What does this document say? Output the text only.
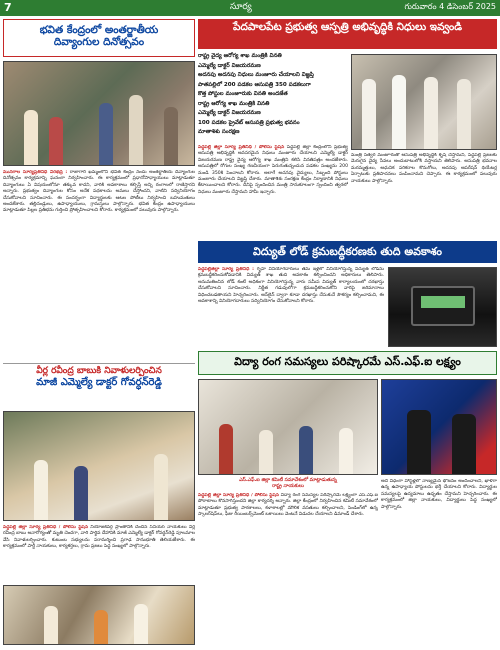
7	సూర్య	గురువారం 4 డిసెంబర్ 2025
భవిత కేంద్రంలో అంతర్జాతీయ
దివ్యాంగుల దినోత్సవం
మునగాల సూర్యప్రతినిధి వీరభద్ర : రాజాగారి ఖమ్మంలోని భవిత కేంద్రం నందు అంతర్జాతీయ దివ్యాంగుల దినోత్సవం కార్యక్రమాన్ని ఘనంగా నిర్వహించారు. ఈ కార్యక్రమంలో ప్రధానోపాధ్యాయులు మాట్లాడుతూ దివ్యాంగులు ఏ విషయంలోనూ తక్కువ కాదని, వారికి అవకాశాలు కల్పిస్తే అన్ని రంగాలలో రాణిస్తారని అన్నారు. ప్రభుత్వం దివ్యాంగుల కోసం అనేక పథకాలను అమలు చేస్తోందని, వాటిని సద్వినియోగం చేసుకోవాలని సూచించారు. ఈ సందర్భంగా విద్యార్థులకు ఆటల పోటీలు నిర్వహించి బహుమతులు అందజేశారు. తల్లిదండ్రులు, ఉపాధ్యాయులు, గ్రామస్తులు పాల్గొన్నారు. భవిత కేంద్రం ఉపాధ్యాయులు మాట్లాడుతూ పిల్లల ప్రతిభను గుర్తించి ప్రోత్సహించాలని కోరారు. కార్యక్రమంలో పలువురు పాల్గొన్నారు.
వీర్ల రవీంద్ర బాబుకి నివాళులర్పించిన
మాజీ ఎమ్మెల్యే డాక్టర్ గోవర్ధన్‌రెడ్డి
పెద్దపల్లి జిల్లా సూర్య ప్రతినిధి / పోలీసు స్టేషన్ నియోజకవర్గ ప్రాంతానికి చెందిన సీనియర్ నాయకులు వీర్ల రవీంద్ర బాబు అనారోగ్యంతో మృతి చెందగా, వారి పార్థివ దేహానికి మాజీ ఎమ్మెల్యే డాక్టర్ గోవర్ధన్‌రెడ్డి పూలమాల వేసి నివాళులర్పించారు. కుటుంబ సభ్యులను పరామర్శించి ప్రగాఢ సానుభూతి తెలియజేశారు. ఈ కార్యక్రమంలో పార్టీ నాయకులు, కార్యకర్తలు, గ్రామ ప్రజలు పెద్ద సంఖ్యలో పాల్గొన్నారు.
పేదపాలపేట ప్రభుత్వ ఆస్పత్రి అభివృద్ధికి నిధులు ఇవ్వండి
రాష్ట్ర వైద్య ఆరోగ్య శాఖ మంత్రికి వినతి
ఎమ్మెల్యే డాక్టర్ విజయరమణ
అదనపు అదనపు నిధులు మంజూరు చేయాలని విజ్ఞప్తి
పాతపల్లిలో 200 పడకల ఆసుపత్రి 350 పడకలుగా
కొత్త పోస్టుల మంజూరుకు వినతి అందజేత
రాష్ట్ర ఆరోగ్య శాఖ మంత్రికి వినతి
ఎమ్మెల్యే డాక్టర్ విజయరమణ
100 పడకల ప్రైవేట్ ఆసుపత్రి ప్రభుత్వ భవనం
మాతాశిశు సంరక్షణ
పెద్దపల్లి జిల్లా సూర్య ప్రతినిధి / పోలీసు స్టేషన్ పెద్దపల్లి జిల్లా కేంద్రంలోని ప్రభుత్వ ఆసుపత్రి అభివృద్ధికి అవసరమైన నిధులు మంజూరు చేయాలని ఎమ్మెల్యే డాక్టర్ విజయరమణ రాష్ట్ర వైద్య ఆరోగ్య శాఖ మంత్రిని కలిసి వినతిపత్రం అందజేశారు. ఆసుపత్రిలో రోగుల సంఖ్య గణనీయంగా పెరుగుతున్నందున పడకల సంఖ్యను 200 నుండి 350కి పెంచాలని కోరారు. అలాగే అదనపు వైద్యులు, సిబ్బంది పోస్టులు మంజూరు చేయాలని విజ్ఞప్తి చేశారు. మాతాశిశు సంరక్షణ కేంద్రం నిర్మాణానికి నిధులు కేటాయించాలని కోరారు. దీనిపై స్పందించిన మంత్రి సానుకూలంగా స్పందించి త్వరలో నిధులు మంజూరు చేస్తామని హామీ ఇచ్చారు.
మంత్రి సత్వర మంజూరుతో ఆసుపత్రి అభివృద్ధికి కృషి చేస్తామని, పెద్దపల్లి ప్రజలకు మెరుగైన వైద్య సేవలు అందుబాటులోకి వస్తాయని తెలిపారు. ఆసుపత్రి భవనాల మరమ్మత్తులు, ఆధునిక పరికరాల కొనుగోలు, అదనపు ఆపరేషన్ థియేటర్ల ఏర్పాటుకు ప్రతిపాదనలు పంపించామని చెప్పారు. ఈ కార్యక్రమంలో పలువురు నాయకులు పాల్గొన్నారు.
విద్యుత్ లోడ్ క్రమబద్ధీకరణకు తుది అవకాశం
పెద్దపల్లిజిల్లా సూర్య ప్రతినిధి : గృహ వినియోగదారులు తమ ఇళ్లలో వినియోగిస్తున్న విద్యుత్ లోడ్‌ను క్రమబద్ధీకరించుకోవడానికి విద్యుత్ శాఖ తుది అవకాశం కల్పించిందని అధికారులు తెలిపారు. అనుమతించిన లోడ్ కంటే అధికంగా వినియోగిస్తున్న వారు సమీప విద్యుత్ కార్యాలయంలో దరఖాస్తు చేసుకోవాలని సూచించారు. నిర్ణీత గడువులోగా క్రమబద్ధీకరించుకోని వారిపై జరిమానాలు విధించబడతాయని హెచ్చరించారు. ఆన్‌లైన్ ద్వారా కూడా దరఖాస్తు చేసుకునే సౌకర్యం కల్పించామని, ఈ అవకాశాన్ని వినియోగదారులు సద్వినియోగం చేసుకోవాలని కోరారు.
విద్యా రంగ సమస్యలు పరిష్కారమే ఎస్.ఎఫ్.ఐ లక్ష్యం
ఎస్.ఎఫ్.ఐ జిల్లా కమిటీ సమావేశంలో మాట్లాడుతున్న
రాష్ట్ర నాయకులు
పెద్దపల్లి జిల్లా సూర్య ప్రతినిధి / పోలీసు స్టేషన్ విద్యా రంగ సమస్యల పరిష్కారమే లక్ష్యంగా ఎస్.ఎఫ్.ఐ పోరాటాలు కొనసాగిస్తుందని జిల్లా కార్యదర్శి అన్నారు. జిల్లా కేంద్రంలో నిర్వహించిన కమిటీ సమావేశంలో మాట్లాడుతూ ప్రభుత్వ పాఠశాలలు, కళాశాలల్లో మౌలిక వసతులు కల్పించాలని, పెండింగ్‌లో ఉన్న స్కాలర్‌షిప్‌లు, ఫీజు రీయింబర్స్‌మెంట్ బకాయిలు వెంటనే విడుదల చేయాలని డిమాండ్ చేశారు.
అదే విధంగా హాస్టళ్లలో నాణ్యమైన భోజనం అందించాలని, ఖాళీగా ఉన్న ఉపాధ్యాయ పోస్టులను భర్తీ చేయాలని కోరారు. విద్యార్థుల సమస్యలపై ఉద్యమాలు ఉధృతం చేస్తామని హెచ్చరించారు. ఈ కార్యక్రమంలో జిల్లా నాయకులు, విద్యార్థులు పెద్ద సంఖ్యలో పాల్గొన్నారు.
